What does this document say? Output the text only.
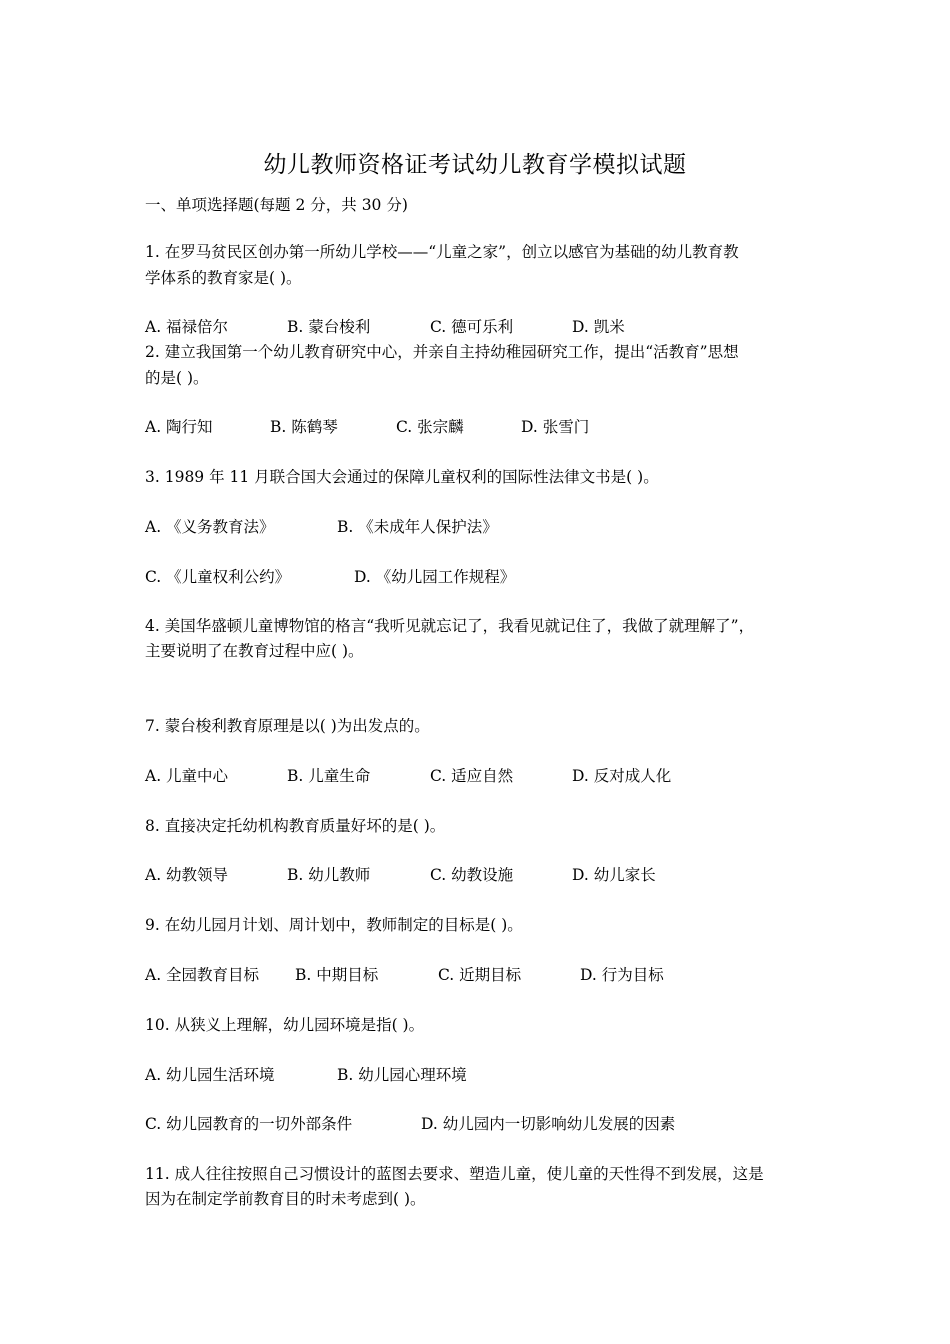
幼儿教师资格证考试幼儿教育学模拟试题
一、单项选择题(每题 2 分，共 30 分)
1. 在罗马贫民区创办第一所幼儿学校——“儿童之家”，创立以感官为基础的幼儿教育教
学体系的教育家是( )。
A. 福禄倍尔	B. 蒙台梭利	C. 德可乐利	D. 凯米
2. 建立我国第一个幼儿教育研究中心，并亲自主持幼稚园研究工作，提出“活教育”思想
的是( )。
A. 陶行知	B. 陈鹤琴	C. 张宗麟	D. 张雪门
3. 1989 年 11 月联合国大会通过的保障儿童权利的国际性法律文书是( )。
A. 《义务教育法》	B. 《未成年人保护法》
C. 《儿童权利公约》	D. 《幼儿园工作规程》
4. 美国华盛顿儿童博物馆的格言“我听见就忘记了，我看见就记住了，我做了就理解了”，
主要说明了在教育过程中应( )。
7. 蒙台梭利教育原理是以( )为出发点的。
A. 儿童中心	B. 儿童生命	C. 适应自然	D. 反对成人化
8. 直接决定托幼机构教育质量好坏的是( )。
A. 幼教领导	B. 幼儿教师	C. 幼教设施	D. 幼儿家长
9. 在幼儿园月计划、周计划中，教师制定的目标是( )。
A. 全园教育目标 B. 中期目标	C. 近期目标	D. 行为目标
10. 从狭义上理解，幼儿园环境是指( )。
A. 幼儿园生活环境	B. 幼儿园心理环境
C. 幼儿园教育的一切外部条件	D. 幼儿园内一切影响幼儿发展的因素
11. 成人往往按照自己习惯设计的蓝图去要求、塑造儿童，使儿童的天性得不到发展，这是
因为在制定学前教育目的时未考虑到( )。
